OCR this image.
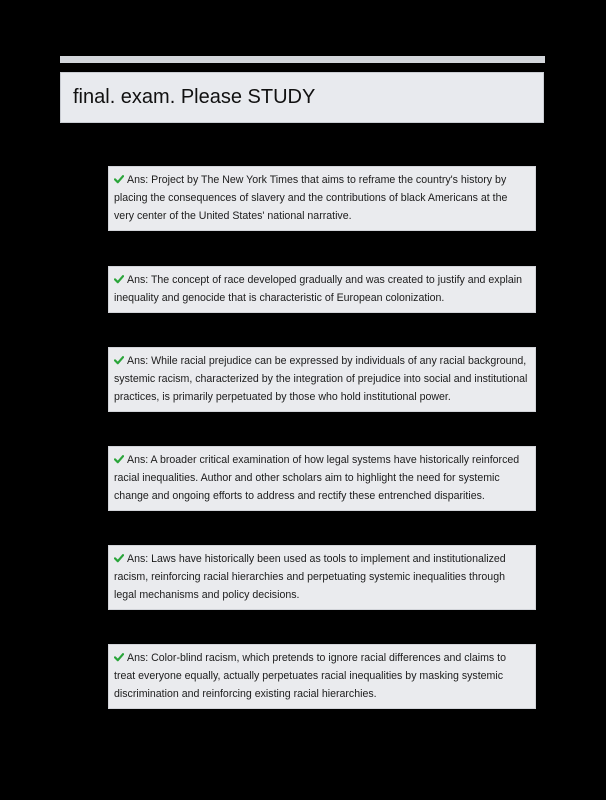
final. exam. Please STUDY
Ans: Project by The New York Times that aims to reframe the country's history by placing the consequences of slavery and the contributions of black Americans at the very center of the United States' national narrative.
Ans: The concept of race developed gradually and was created to justify and explain inequality and genocide that is characteristic of European colonization.
Ans: While racial prejudice can be expressed by individuals of any racial background, systemic racism, characterized by the integration of prejudice into social and institutional practices, is primarily perpetuated by those who hold institutional power.
Ans: A broader critical examination of how legal systems have historically reinforced racial inequalities. Author and other scholars aim to highlight the need for systemic change and ongoing efforts to address and rectify these entrenched disparities.
Ans: Laws have historically been used as tools to implement and institutionalized racism, reinforcing racial hierarchies and perpetuating systemic inequalities through legal mechanisms and policy decisions.
Ans: Color-blind racism, which pretends to ignore racial differences and claims to treat everyone equally, actually perpetuates racial inequalities by masking systemic discrimination and reinforcing existing racial hierarchies.
